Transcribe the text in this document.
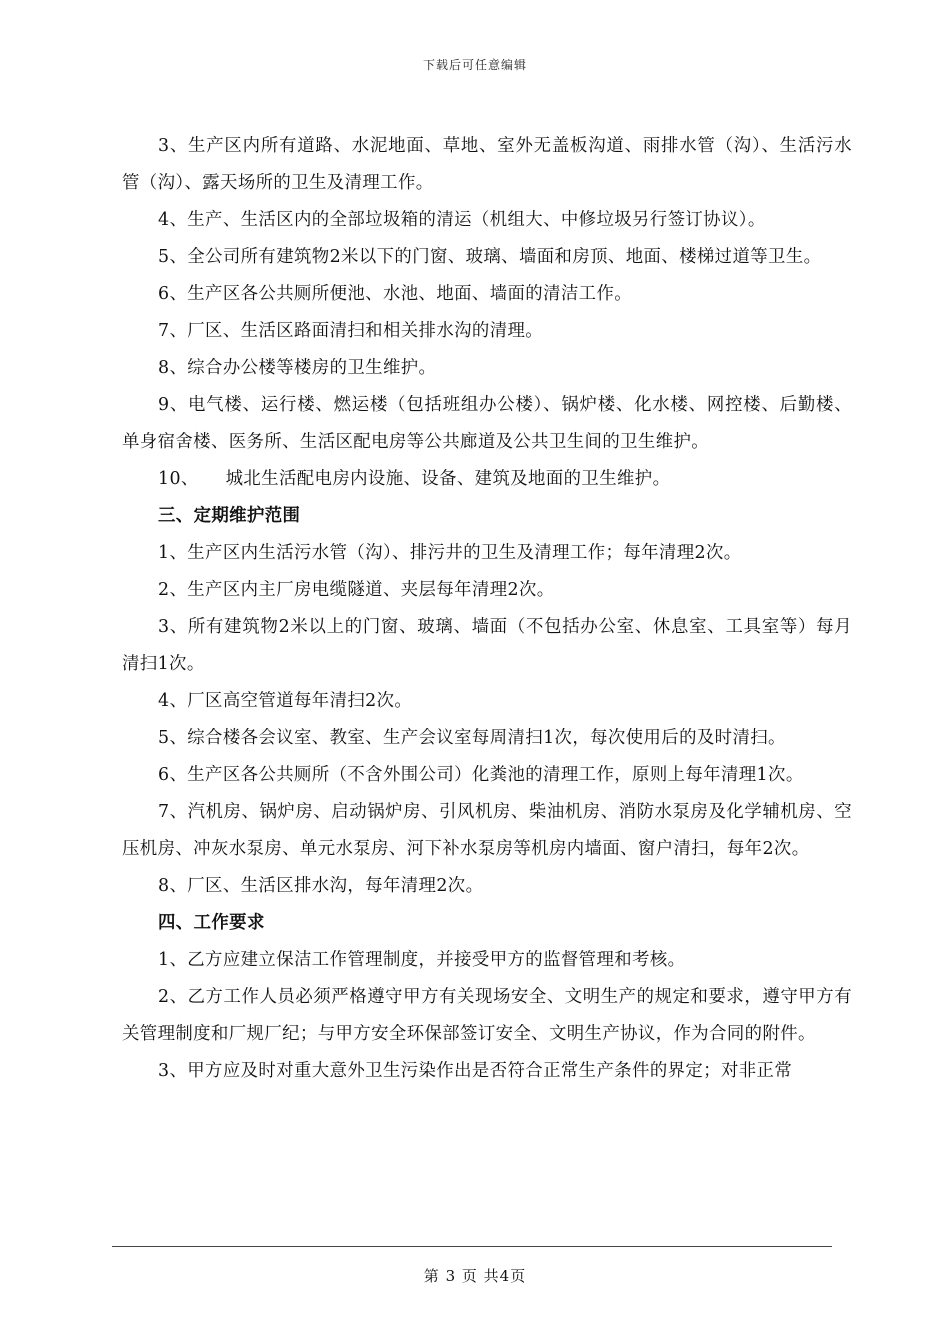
下载后可任意编辑

3、生产区内所有道路、水泥地面、草地、室外无盖板沟道、雨排水管（沟）、生活污水管（沟）、露天场所的卫生及清理工作。

4、生产、生活区内的全部垃圾箱的清运（机组大、中修垃圾另行签订协议）。

5、全公司所有建筑物2米以下的门窗、玻璃、墙面和房顶、地面、楼梯过道等卫生。

6、生产区各公共厕所便池、水池、地面、墙面的清洁工作。

7、厂区、生活区路面清扫和相关排水沟的清理。

8、综合办公楼等楼房的卫生维护。

9、电气楼、运行楼、燃运楼（包括班组办公楼）、锅炉楼、化水楼、网控楼、后勤楼、单身宿舍楼、医务所、生活区配电房等公共廊道及公共卫生间的卫生维护。

10、　　城北生活配电房内设施、设备、建筑及地面的卫生维护。

三、定期维护范围

1、生产区内生活污水管（沟）、排污井的卫生及清理工作；每年清理2次。

2、生产区内主厂房电缆隧道、夹层每年清理2次。

3、所有建筑物2米以上的门窗、玻璃、墙面（不包括办公室、休息室、工具室等）每月清扫1次。

4、厂区高空管道每年清扫2次。

5、综合楼各会议室、教室、生产会议室每周清扫1次，每次使用后的及时清扫。

6、生产区各公共厕所（不含外围公司）化粪池的清理工作，原则上每年清理1次。

7、汽机房、锅炉房、启动锅炉房、引风机房、柴油机房、消防水泵房及化学辅机房、空压机房、冲灰水泵房、单元水泵房、河下补水泵房等机房内墙面、窗户清扫，每年2次。

8、厂区、生活区排水沟，每年清理2次。

四、工作要求

1、乙方应建立保洁工作管理制度，并接受甲方的监督管理和考核。

2、乙方工作人员必须严格遵守甲方有关现场安全、文明生产的规定和要求，遵守甲方有关管理制度和厂规厂纪；与甲方安全环保部签订安全、文明生产协议，作为合同的附件。

3、甲方应及时对重大意外卫生污染作出是否符合正常生产条件的界定；对非正常

第 3 页 共4页
